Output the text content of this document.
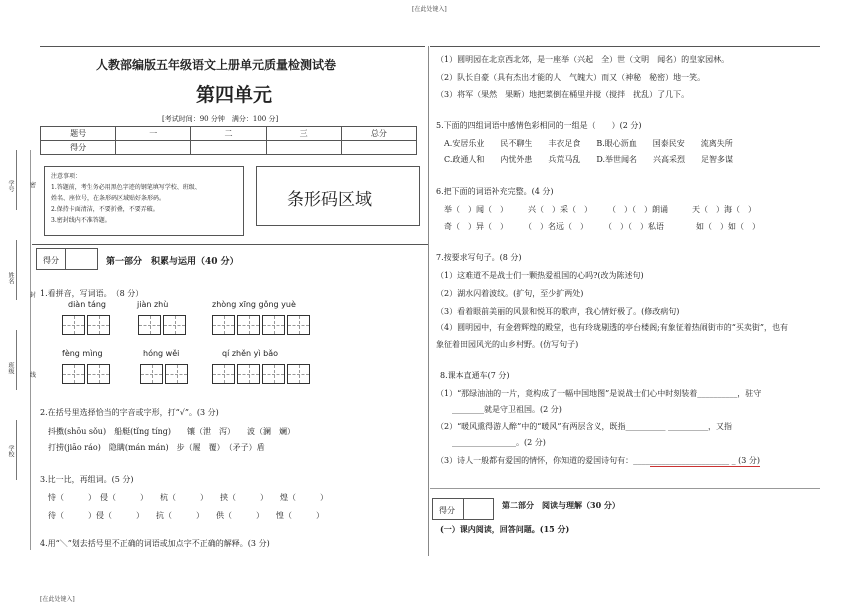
[在此处键入]
[在此处键入]
学号
姓名
班级
学校
密
封
线
人教部编版五年级语文上册单元质量检测试卷
第四单元
[考试时间：90 分钟　满分：100 分]
题号	一	二	三	总分
得分				
注意事项：
1.答题前，考生务必用黑色字迹的钢笔填写学校、班级、
姓名、座位号，在条形码区域贴好条形码。
2.保持卡面清洁，不要折叠，不要弄破。
3.密封线内不准答题。
条形码区域
得分	第一部分　积累与运用（40 分）
1.看拼音，写词语。　（8 分）
diàn táng	jiàn zhù	zhòng xīng gǒng yuè
fèng mìng	hóng wěi	qí zhěn yì bǎo
2.在括号里选择恰当的字音或字形，打“√”。(3 分)
抖擞(shōu sǒu)　船艇(tǐng tíng)　　镶（泄　泻）　　波（澜　斓）
打捞(jiāo ráo)　隐瞒(mán mán)　步（履　覆）　（矛子）盾
3.比一比，再组词。(5 分)
恃（　　　）　侵（　　　）　　杭（　　　）　　挟（　　　）　　煌（　　　）
待（　　　）侵（　　　）　　抗（　　　）　　供（　　　）　　惶（　　　）
4.用“＼”划去括号里不正确的词语或加点字不正确的解释。(3 分)
（1）圆明园在北京西北郊，是一座举（兴起　全）世（文明　闻名）的皇家园林。
（2）队长自豪（具有杰出才能的人　气魄大）而又（神秘　秘密）地一笑。
（3）将军（果然　果断）地把菜倒在桶里并搅（搅拌　扰乱）了几下。
5.下面的四组词语中感情色彩相同的一组是（　　）(2 分)
A.安居乐业　　民不聊生　　丰衣足食　　B.眼心沥血　　国泰民安　　流离失所
C.政通人和　　内忧外患　　兵荒马乱　　D.举世闻名　　兴高采烈　　足智多谋
6.把下面的词语补充完整。(4 分)
举（　）闻（　）　　　兴（　）采（　）　　　（　）（　）朗诵　　　天（　）海（　）
奇（　）异（　）　　　（　）名远（　）　　　（　）（　）私语　　　　如（　）如（　）
7.按要求写句子。(8 分)
（1）这难道不是战士们一颗热爱祖国的心吗?(改为陈述句)
（2）湖水闪着波纹。(扩句，至少扩两处)
（3）看着眼前美丽的风景和悦耳的歌声，我心情好极了。(修改病句)
（4）圆明园中，有金碧辉煌的殿堂，也有玲珑剔透的亭台楼阁;有象征着热闹街市的“买卖街”，也有
象征着田园风光的山乡村野。(仿写句子)
8.课本直通车(7 分)
（1）“那绿油油的一片，竟构成了一幅中国地图”是说战士们心中时刻装着__________，驻守
________就是守卫祖国。(2 分)
（2）“暖风熏得游人醉”中的“暖风”有两层含义，既指__________ __________，又指
________________。(2 分)
（3）诗人一般都有爱国的情怀，你知道的爱国诗句有：________________________ _ (3 分)
得分
第二部分　阅读与理解（30 分）
(一）课内阅读，回答问题。(15 分)
